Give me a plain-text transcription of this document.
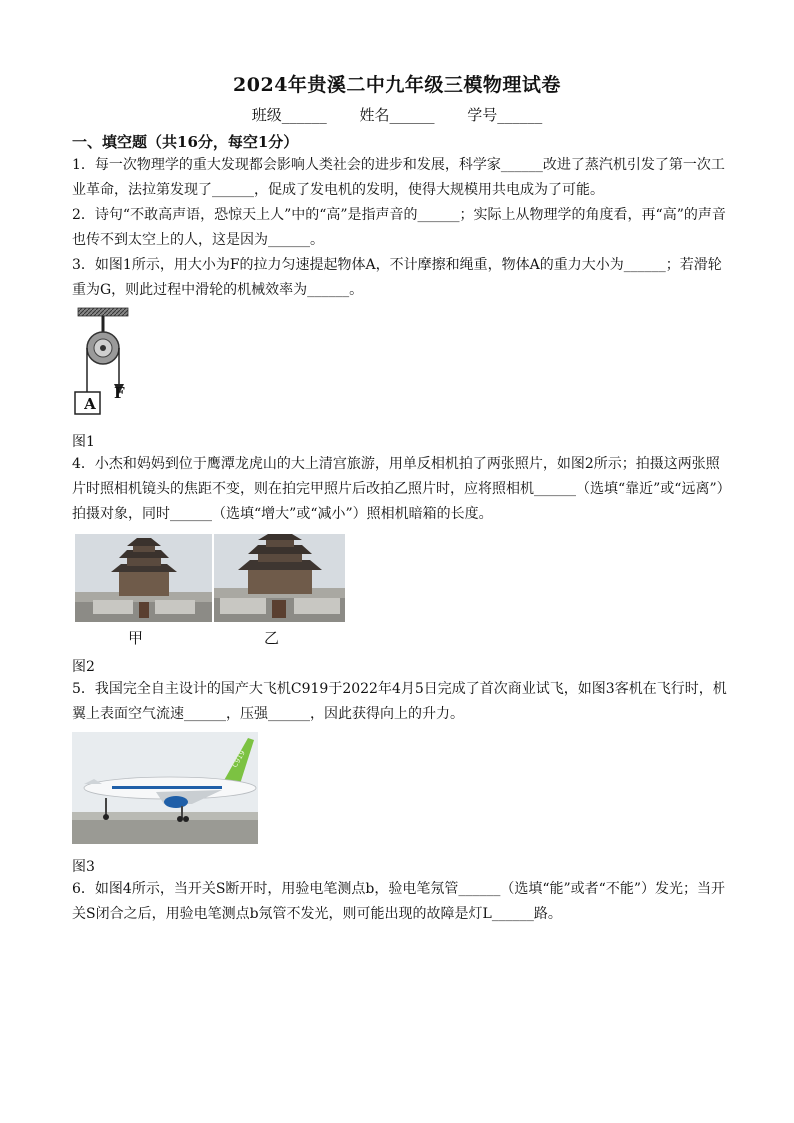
2024年贵溪二中九年级三模物理试卷
班级______ 姓名______ 学号______
一、填空题（共16分，每空1分）
1．每一次物理学的重大发现都会影响人类社会的进步和发展，科学家______改进了蒸汽机引发了第一次工业革命，法拉第发现了______，促成了发电机的发明，使得大规模用共电成为了可能。
2．诗句“不敢高声语，恐惊天上人”中的“高”是指声音的______；实际上从物理学的角度看，再“高”的声音也传不到太空上的人，这是因为______。
3．如图1所示，用大小为F的拉力匀速提起物体A，不计摩擦和绳重，物体A的重力大小为______；若滑轮重为G，则此过程中滑轮的机械效率为______。
A
F
图1
4．小杰和妈妈到位于鹰潭龙虎山的大上清宫旅游，用单反相机拍了两张照片，如图2所示；拍摄这两张照片时照相机镜头的焦距不变，则在拍完甲照片后改拍乙照片时，应将照相机______（选填“靠近”或“远离”）拍摄对象，同时______（选填“增大”或“减小”）照相机暗箱的长度。
甲	乙
图2
5．我国完全自主设计的国产大飞机C919于2022年4月5日完成了首次商业试飞，如图3客机在飞行时，机翼上表面空气流速______，压强______，因此获得向上的升力。
C919
图3
6．如图4所示，当开关S断开时，用验电笔测点b，验电笔氖管______（选填“能”或者“不能”）发光；当开关S闭合之后，用验电笔测点b氖管不发光，则可能出现的故障是灯L______路。
